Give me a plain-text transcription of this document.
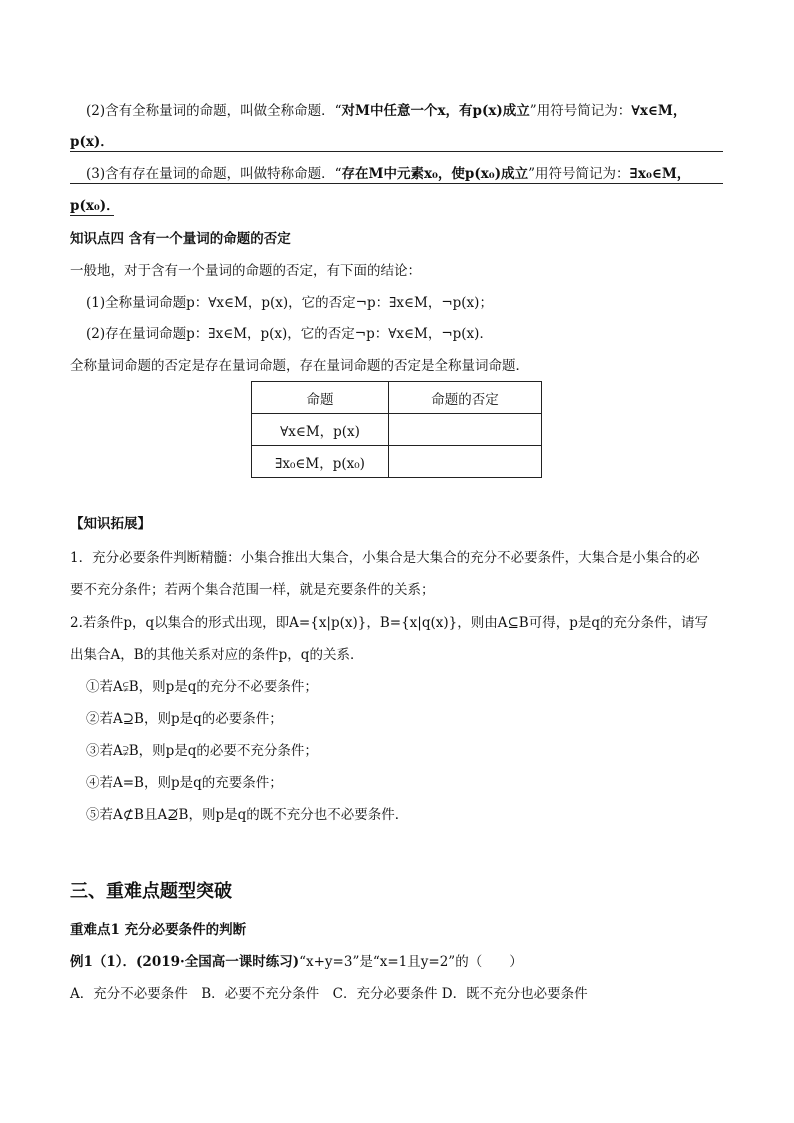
(2)含有全称量词的命题，叫做全称命题．“对M中任意一个x，有p(x)成立”用符号简记为：∀x∈M，
p(x)．
(3)含有存在量词的命题，叫做特称命题．“存在M中元素x₀，使p(x₀)成立”用符号简记为：∃x₀∈M，
p(x₀)．
知识点四 含有一个量词的命题的否定
一般地，对于含有一个量词的命题的否定，有下面的结论：
(1)全称量词命题p：∀x∈M，p(x)，它的否定¬p：∃x∈M，¬p(x)；
(2)存在量词命题p：∃x∈M，p(x)，它的否定¬p：∀x∈M，¬p(x)．
全称量词命题的否定是存在量词命题，存在量词命题的否定是全称量词命题．
命题	命题的否定
∀x∈M，p(x)	
∃x₀∈M，p(x₀)	
【知识拓展】
1．充分必要条件判断精髓：小集合推出大集合，小集合是大集合的充分不必要条件，大集合是小集合的必
要不充分条件；若两个集合范围一样，就是充要条件的关系；
2.若条件p，q以集合的形式出现，即A={x|p(x)}，B={x|q(x)}，则由A⊆B可得，p是q的充分条件，请写
出集合A，B的其他关系对应的条件p，q的关系．
①若A⫋B，则p是q的充分不必要条件；
②若A⊇B，则p是q的必要条件；
③若A⫌B，则p是q的必要不充分条件；
④若A=B，则p是q的充要条件；
⑤若A⊄B且A⊉B，则p是q的既不充分也不必要条件．
三、重难点题型突破
重难点1 充分必要条件的判断
例1（1）．(2019·全国高一课时练习)“x+y=3”是“x=1且y=2”的（　　）
A．充分不必要条件　B．必要不充分条件　C．充分必要条件 D．既不充分也必要条件
